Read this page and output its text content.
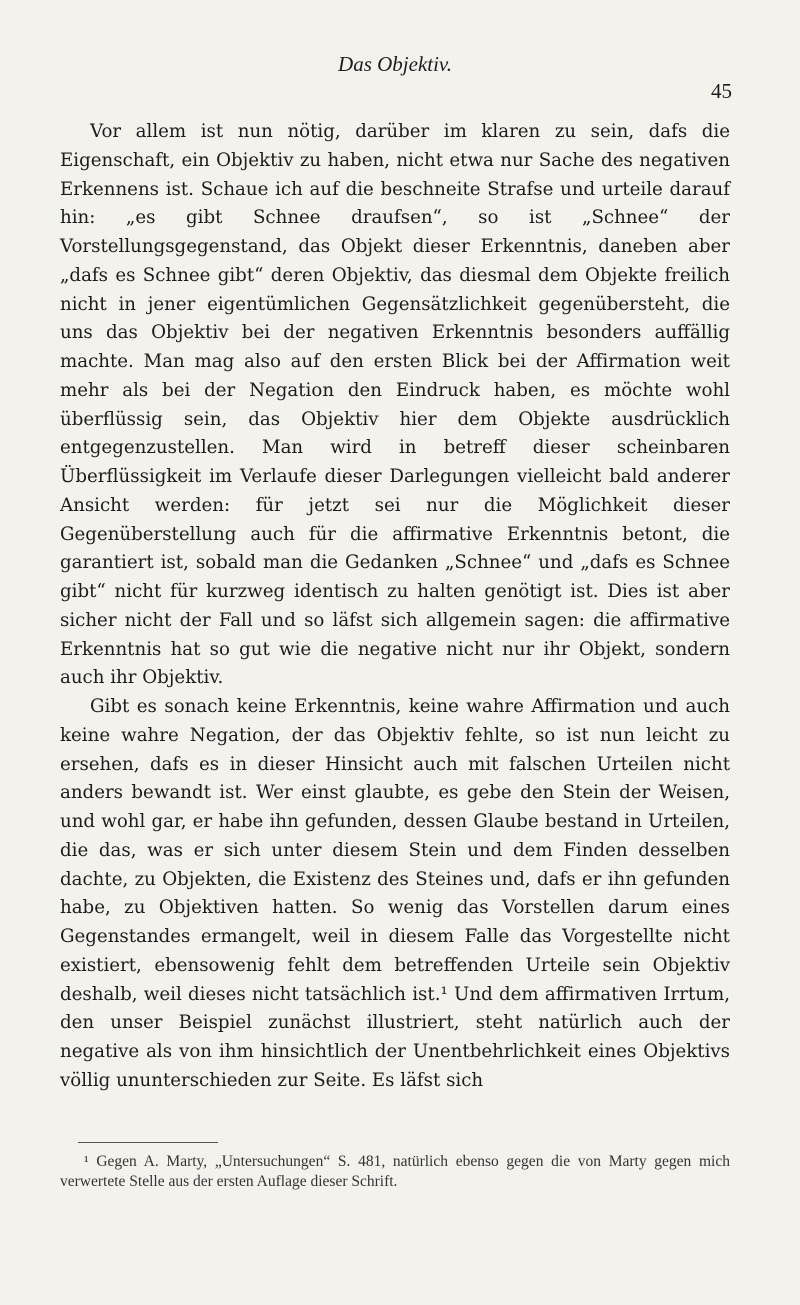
Das Objektiv.
45

Vor allem ist nun nötig, darüber im klaren zu sein, dafs die Eigenschaft, ein Objektiv zu haben, nicht etwa nur Sache des negativen Erkennens ist. Schaue ich auf die beschneite Strafse und urteile darauf hin: „es gibt Schnee draufsen“, so ist „Schnee“ der Vorstellungsgegenstand, das Objekt dieser Erkenntnis, daneben aber „dafs es Schnee gibt“ deren Objektiv, das diesmal dem Objekte freilich nicht in jener eigentümlichen Gegensätzlichkeit gegenübersteht, die uns das Objektiv bei der negativen Erkenntnis besonders auffällig machte. Man mag also auf den ersten Blick bei der Affirmation weit mehr als bei der Negation den Eindruck haben, es möchte wohl überflüssig sein, das Objektiv hier dem Objekte ausdrücklich entgegenzustellen. Man wird in betreff dieser scheinbaren Überflüssigkeit im Verlaufe dieser Darlegungen vielleicht bald anderer Ansicht werden: für jetzt sei nur die Möglichkeit dieser Gegenüberstellung auch für die affirmative Erkenntnis betont, die garantiert ist, sobald man die Gedanken „Schnee“ und „dafs es Schnee gibt“ nicht für kurzweg identisch zu halten genötigt ist. Dies ist aber sicher nicht der Fall und so läfst sich allgemein sagen: die affirmative Erkenntnis hat so gut wie die negative nicht nur ihr Objekt, sondern auch ihr Objektiv.

Gibt es sonach keine Erkenntnis, keine wahre Affirmation und auch keine wahre Negation, der das Objektiv fehlte, so ist nun leicht zu ersehen, dafs es in dieser Hinsicht auch mit falschen Urteilen nicht anders bewandt ist. Wer einst glaubte, es gebe den Stein der Weisen, und wohl gar, er habe ihn gefunden, dessen Glaube bestand in Urteilen, die das, was er sich unter diesem Stein und dem Finden desselben dachte, zu Objekten, die Existenz des Steines und, dafs er ihn gefunden habe, zu Objektiven hatten. So wenig das Vorstellen darum eines Gegenstandes ermangelt, weil in diesem Falle das Vorgestellte nicht existiert, ebensowenig fehlt dem betreffenden Urteile sein Objektiv deshalb, weil dieses nicht tatsächlich ist.¹ Und dem affirmativen Irrtum, den unser Beispiel zunächst illustriert, steht natürlich auch der negative als von ihm hinsichtlich der Unentbehrlichkeit eines Objektivs völlig ununterschieden zur Seite. Es läfst sich

¹ Gegen A. Marty, „Untersuchungen“ S. 481, natürlich ebenso gegen die von Marty gegen mich verwertete Stelle aus der ersten Auflage dieser Schrift.
